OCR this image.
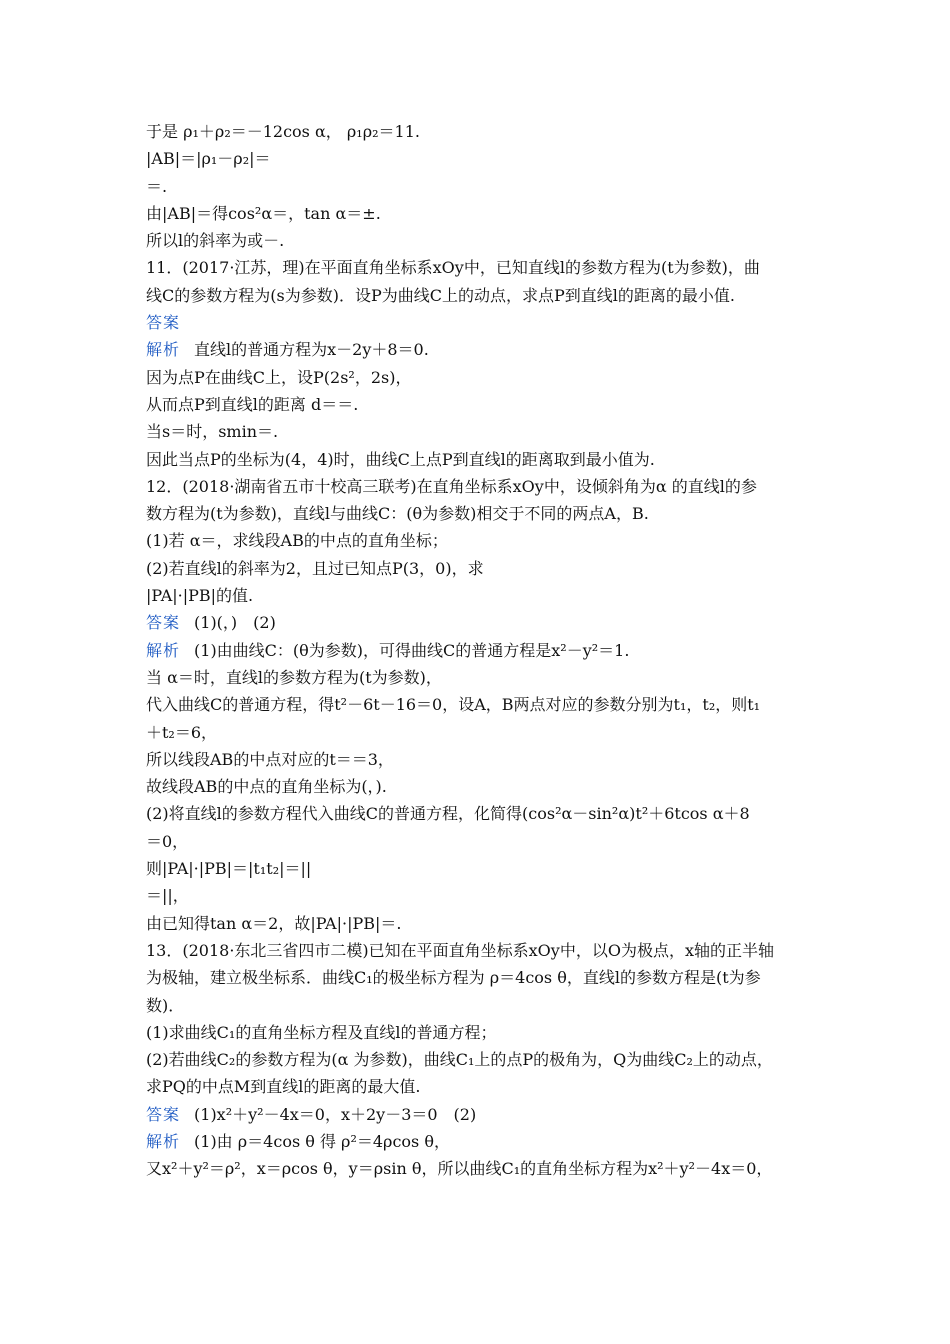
于是 ρ₁＋ρ₂＝－12cos α， ρ₁ρ₂＝11.
|AB|＝|ρ₁－ρ₂|＝
＝.
由|AB|＝得cos²α＝，tan α＝±.
所以l的斜率为或－.
11．(2017·江苏，理)在平面直角坐标系xOy中，已知直线l的参数方程为(t为参数)，曲
线C的参数方程为(s为参数)．设P为曲线C上的动点，求点P到直线l的距离的最小值.
答案
解析 直线l的普通方程为x－2y＋8＝0.
因为点P在曲线C上，设P(2s²，2s)，
从而点P到直线l的距离 d＝＝.
当s＝时，smin＝.
因此当点P的坐标为(4，4)时，曲线C上点P到直线l的距离取到最小值为.
12．(2018·湖南省五市十校高三联考)在直角坐标系xOy中，设倾斜角为α 的直线l的参
数方程为(t为参数)，直线l与曲线C：(θ为参数)相交于不同的两点A，B.
(1)若 α＝，求线段AB的中点的直角坐标；
(2)若直线l的斜率为2，且过已知点P(3，0)，求
|PA|·|PB|的值.
答案 (1)(，)　(2)
解析 (1)由曲线C：(θ为参数)，可得曲线C的普通方程是x²－y²＝1.
当 α＝时，直线l的参数方程为(t为参数)，
代入曲线C的普通方程，得t²－6t－16＝0，设A，B两点对应的参数分别为t₁，t₂，则t₁
＋t₂＝6，
所以线段AB的中点对应的t＝＝3，
故线段AB的中点的直角坐标为(，).
(2)将直线l的参数方程代入曲线C的普通方程，化简得(cos²α－sin²α)t²＋6tcos α＋8
＝0，
则|PA|·|PB|＝|t₁t₂|＝||
＝||，
由已知得tan α＝2，故|PA|·|PB|＝.
13．(2018·东北三省四市二模)已知在平面直角坐标系xOy中，以O为极点，x轴的正半轴
为极轴，建立极坐标系．曲线C₁的极坐标方程为 ρ＝4cos θ，直线l的参数方程是(t为参
数)．
(1)求曲线C₁的直角坐标方程及直线l的普通方程；
(2)若曲线C₂的参数方程为(α 为参数)，曲线C₁上的点P的极角为，Q为曲线C₂上的动点，
求PQ的中点M到直线l的距离的最大值.
答案 (1)x²＋y²－4x＝0，x＋2y－3＝0　(2)
解析 (1)由 ρ＝4cos θ 得 ρ²＝4ρcos θ，
又x²＋y²＝ρ²，x＝ρcos θ，y＝ρsin θ，所以曲线C₁的直角坐标方程为x²＋y²－4x＝0，
